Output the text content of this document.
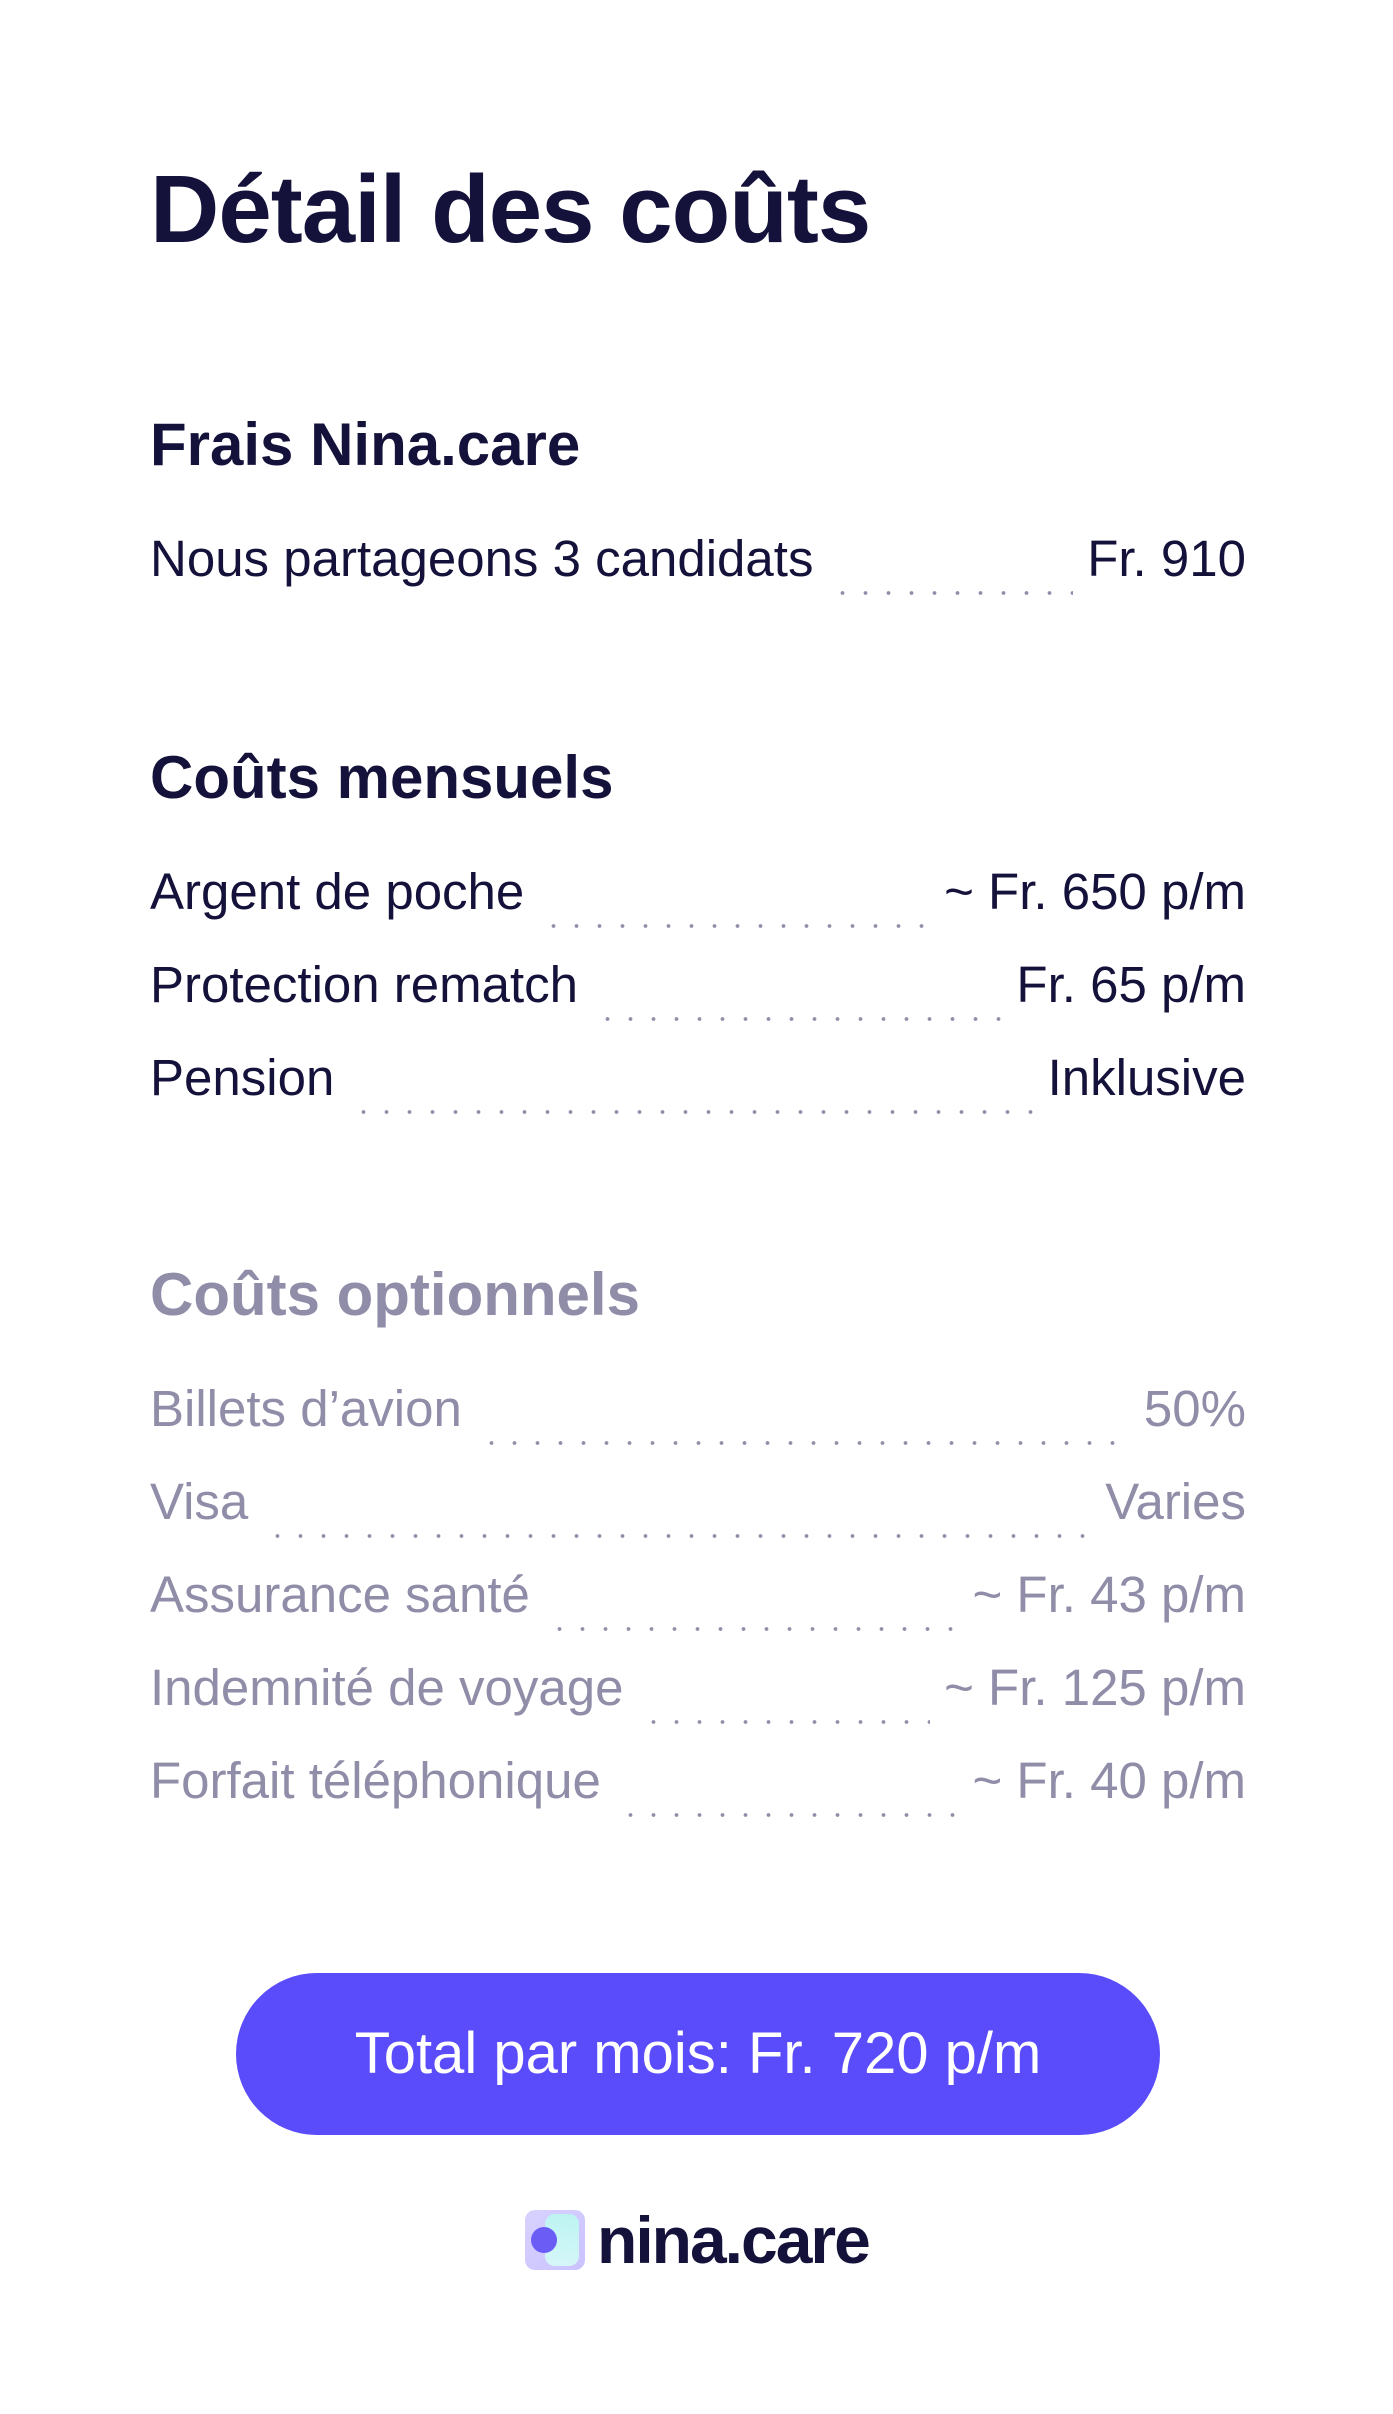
Détail des coûts
Frais Nina.care
Nous partageons 3 candidats	Fr. 910
Coûts mensuels
Argent de poche	~ Fr. 650 p/m
Protection rematch	Fr. 65 p/m
Pension	Inklusive
Coûts optionnels
Billets d’avion	50%
Visa	Varies
Assurance santé	~ Fr. 43 p/m
Indemnité de voyage	~ Fr. 125 p/m
Forfait téléphonique	~ Fr. 40 p/m
Total par mois: Fr. 720 p/m
nina.care
